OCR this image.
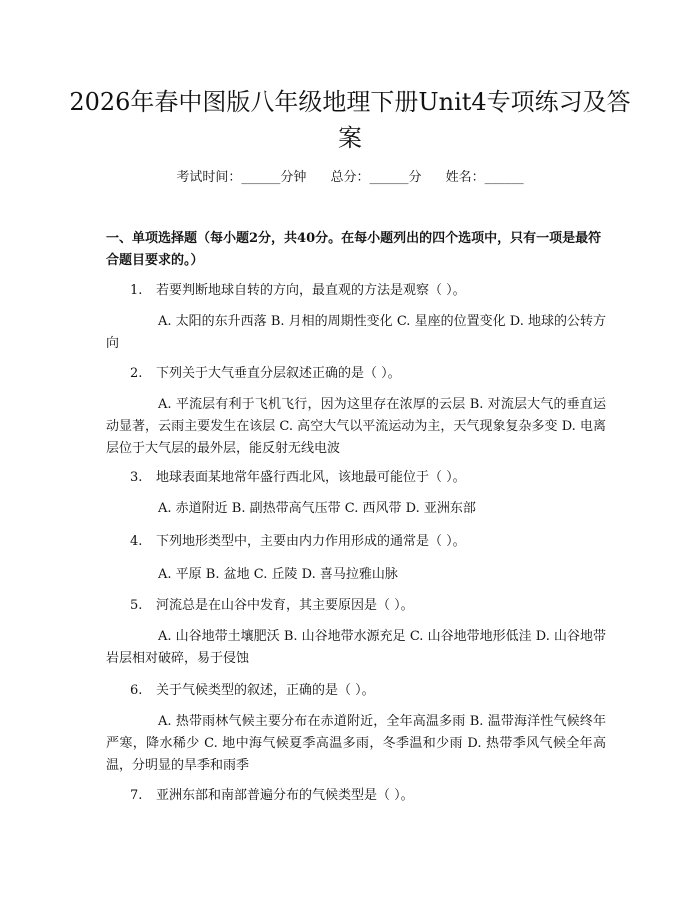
2026年春中图版八年级地理下册Unit4专项练习及答案
考试时间：______分钟 总分：______分 姓名：______
一、单项选择题（每小题2分，共40分。在每小题列出的四个选项中，只有一项是最符合题目要求的。）
1. 若要判断地球自转的方向，最直观的方法是观察（ ）。
A. 太阳的东升西落 B. 月相的周期性变化 C. 星座的位置变化 D. 地球的公转方向
2. 下列关于大气垂直分层叙述正确的是（ ）。
A. 平流层有利于飞机飞行，因为这里存在浓厚的云层 B. 对流层大气的垂直运动显著，云雨主要发生在该层 C. 高空大气以平流运动为主，天气现象复杂多变 D. 电离层位于大气层的最外层，能反射无线电波
3. 地球表面某地常年盛行西北风，该地最可能位于（ ）。
A. 赤道附近 B. 副热带高气压带 C. 西风带 D. 亚洲东部
4. 下列地形类型中，主要由内力作用形成的通常是（ ）。
A. 平原 B. 盆地 C. 丘陵 D. 喜马拉雅山脉
5. 河流总是在山谷中发育，其主要原因是（ ）。
A. 山谷地带土壤肥沃 B. 山谷地带水源充足 C. 山谷地带地形低洼 D. 山谷地带岩层相对破碎，易于侵蚀
6. 关于气候类型的叙述，正确的是（ ）。
A. 热带雨林气候主要分布在赤道附近，全年高温多雨 B. 温带海洋性气候终年严寒，降水稀少 C. 地中海气候夏季高温多雨，冬季温和少雨 D. 热带季风气候全年高温，分明显的旱季和雨季
7. 亚洲东部和南部普遍分布的气候类型是（ ）。
